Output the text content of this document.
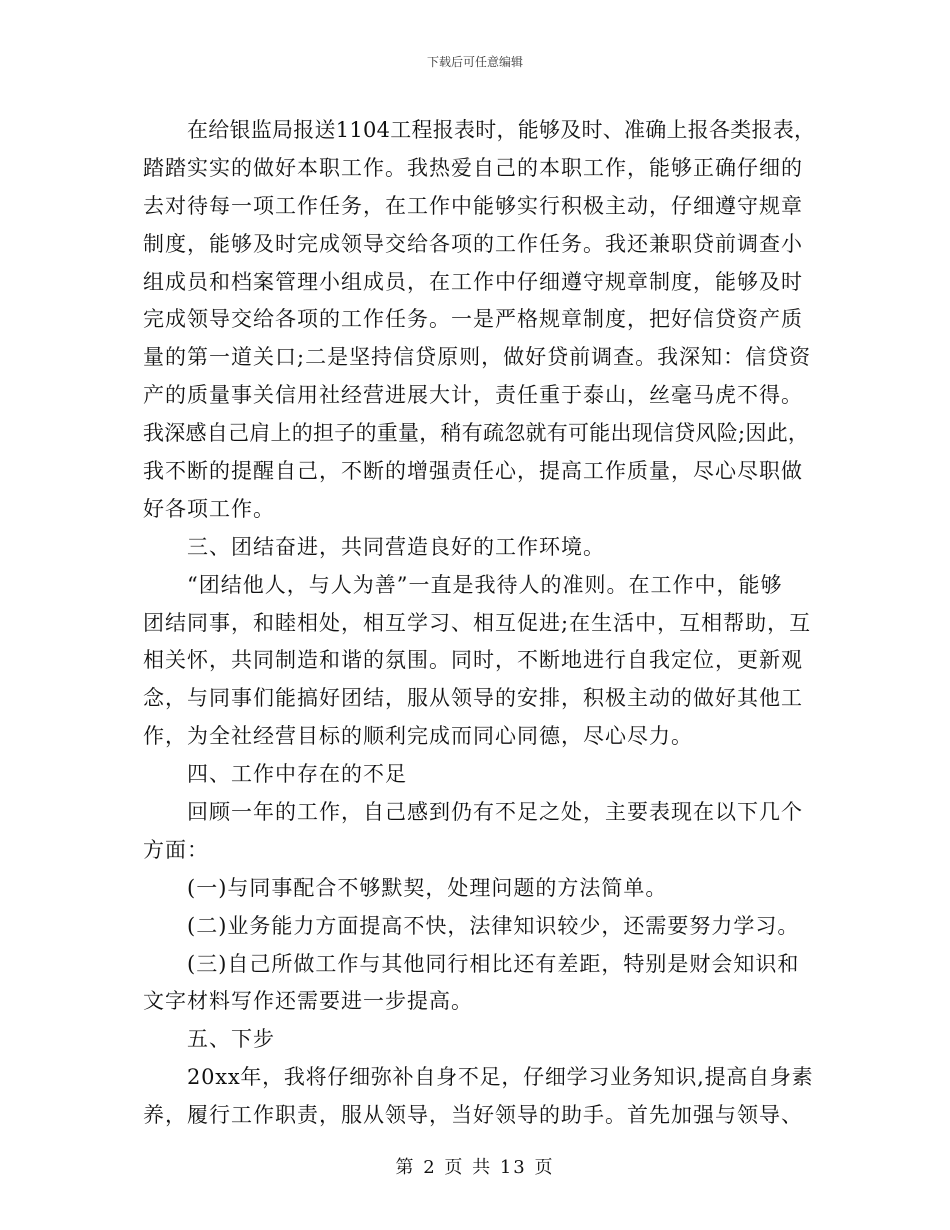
下载后可任意编辑
在给银监局报送1104工程报表时，能够及时、准确上报各类报表，
踏踏实实的做好本职工作。我热爱自己的本职工作，能够正确仔细的
去对待每一项工作任务，在工作中能够实行积极主动，仔细遵守规章
制度，能够及时完成领导交给各项的工作任务。我还兼职贷前调查小
组成员和档案管理小组成员，在工作中仔细遵守规章制度，能够及时
完成领导交给各项的工作任务。一是严格规章制度，把好信贷资产质
量的第一道关口;二是坚持信贷原则，做好贷前调查。我深知：信贷资
产的质量事关信用社经营进展大计，责任重于泰山，丝毫马虎不得。
我深感自己肩上的担子的重量，稍有疏忽就有可能出现信贷风险;因此，
我不断的提醒自己，不断的增强责任心，提高工作质量，尽心尽职做
好各项工作。
三、团结奋进，共同营造良好的工作环境。
“团结他人，与人为善”一直是我待人的准则。在工作中，能够
团结同事，和睦相处，相互学习、相互促进;在生活中，互相帮助，互
相关怀，共同制造和谐的氛围。同时，不断地进行自我定位，更新观
念，与同事们能搞好团结，服从领导的安排，积极主动的做好其他工
作，为全社经营目标的顺利完成而同心同德，尽心尽力。
四、工作中存在的不足
回顾一年的工作，自己感到仍有不足之处，主要表现在以下几个
方面：
(一)与同事配合不够默契，处理问题的方法简单。
(二)业务能力方面提高不快，法律知识较少，还需要努力学习。
(三)自己所做工作与其他同行相比还有差距，特别是财会知识和
文字材料写作还需要进一步提高。
五、下步
20xx年，我将仔细弥补自身不足，仔细学习业务知识,提高自身素
养，履行工作职责，服从领导，当好领导的助手。首先加强与领导、
第 2 页 共 13 页
